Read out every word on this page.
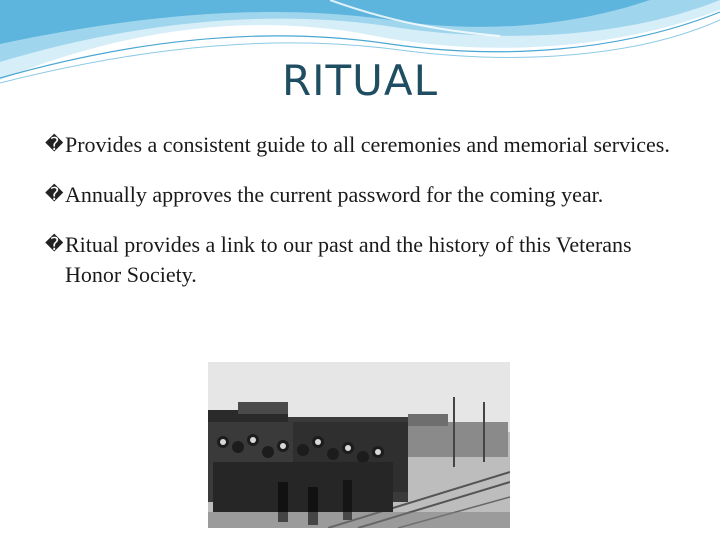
RITUAL
� Provides a consistent guide to all ceremonies and memorial services.
� Annually approves the current password for the coming year.
� Ritual provides a link to our past and the history of this Veterans Honor Society.
